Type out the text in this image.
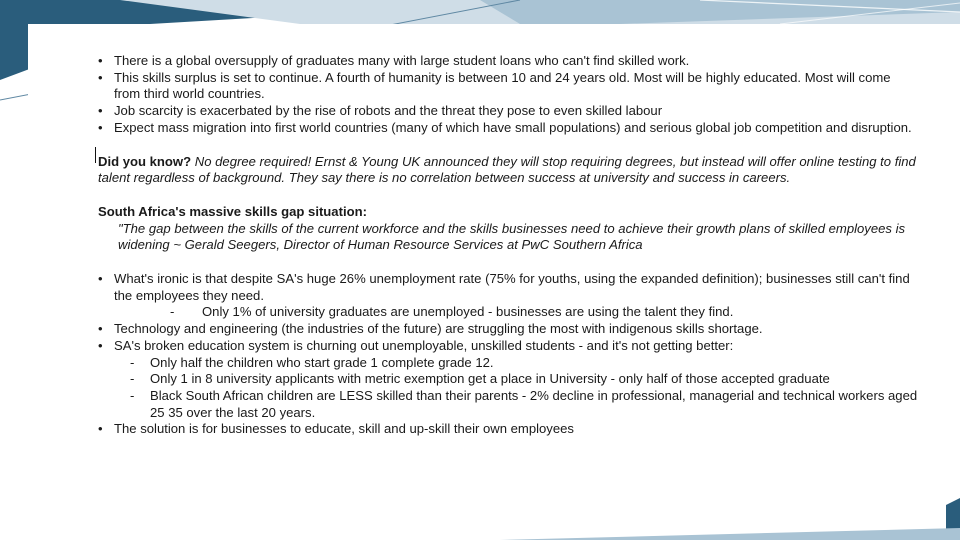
• There is a global oversupply of graduates many with large student loans who can't find skilled work.
• This skills surplus is set to continue. A fourth of humanity is between 10 and 24 years old. Most will be highly educated. Most will come from third world countries.
• Job scarcity is exacerbated by the rise of robots and the threat they pose to even skilled labour
• Expect mass migration into first world countries (many of which have small populations) and serious global job competition and disruption.

Did you know? No degree required! Ernst & Young UK announced they will stop requiring degrees, but instead will offer online testing to find talent regardless of background. They say there is no correlation between success at university and success in careers.

South Africa's massive skills gap situation:

"The gap between the skills of the current workforce and the skills businesses need to achieve their growth plans of skilled employees is widening ~ Gerald Seegers, Director of Human Resource Services at PwC Southern Africa

• What's ironic is that despite SA's huge 26% unemployment rate (75% for youths, using the expanded definition); businesses still can't find the employees they need.
- Only 1% of university graduates are unemployed - businesses are using the talent they find.
• Technology and engineering (the industries of the future) are struggling the most with indigenous skills shortage.
• SA's broken education system is churning out unemployable, unskilled students - and it's not getting better:
- Only half the children who start grade 1 complete grade 12.
- Only 1 in 8 university applicants with metric exemption get a place in University - only half of those accepted graduate
- Black South African children are LESS skilled than their parents - 2% decline in professional, managerial and technical workers aged 25 35 over the last 20 years.
• The solution is for businesses to educate, skill and up-skill their own employees
